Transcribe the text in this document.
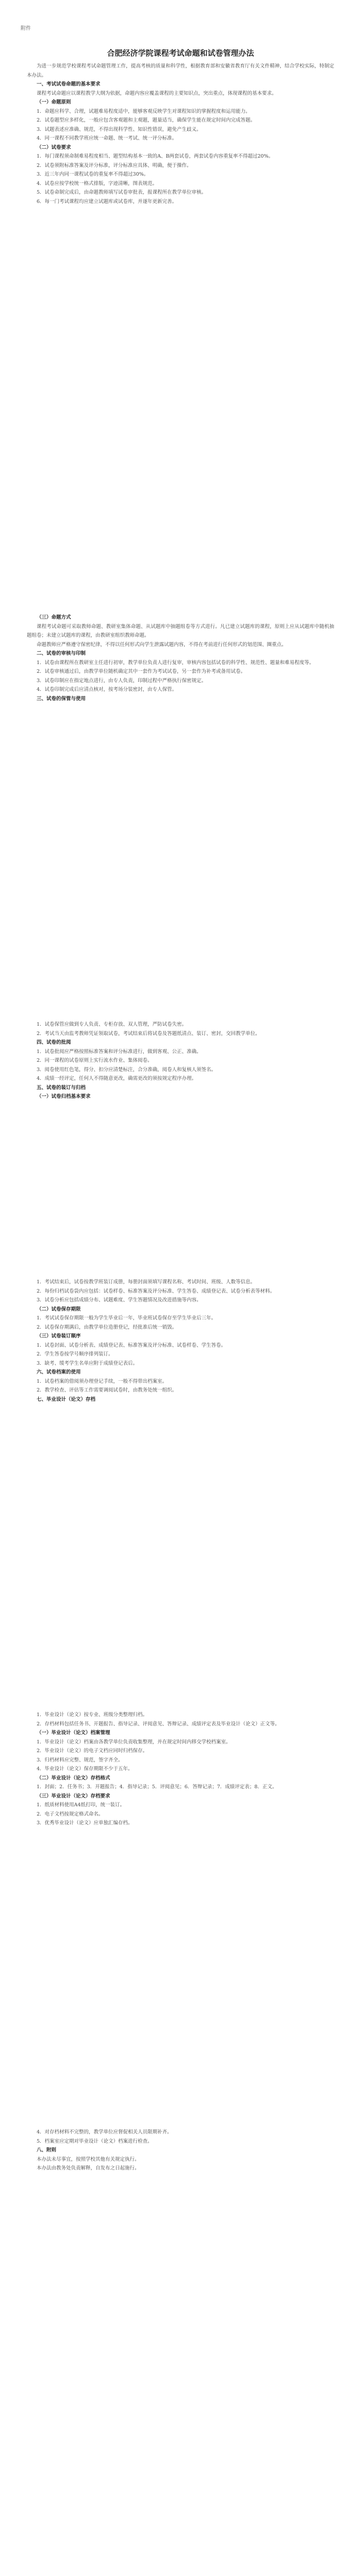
附件
合肥经济学院课程考试命题和试卷管理办法

为进一步规范学校课程考试命题管理工作，提高考核的质量和科学性，根据教育部和安徽省教育厅有关文件精神，结合学校实际，特制定本办法。

一、考试试卷命题的基本要求

课程考试命题应以课程教学大纲为依据，命题内容应覆盖课程的主要知识点，突出重点，体现课程的基本要求。

（一）命题原则

1．命题应科学、合理，试题难易程度适中，能够客观反映学生对课程知识的掌握程度和运用能力。

2．试卷题型应多样化，一般应包含客观题和主观题，题量适当，确保学生能在规定时间内完成答题。

3．试题表述应准确、规范，不得出现科学性、知识性错误，避免产生歧义。

4．同一课程不同教学班应统一命题、统一考试、统一评分标准。

（二）试卷要求

1．每门课程须命制难易程度相当、题型结构基本一致的A、B两套试卷，两套试卷内容重复率不得超过20%。

2．试卷须附标准答案及评分标准，评分标准应具体、明确，便于操作。

3．近三年内同一课程试卷的重复率不得超过30%。

4．试卷应按学校统一格式排版，字迹清晰，图表规范。

5．试卷命制完成后，由命题教师填写试卷审批表，报课程所在教学单位审核。

6．每一门考试课程均应建立试题库或试卷库，并逐年更新完善。

（三）命题方式

课程考试命题可采取教师命题、教研室集体命题、从试题库中抽题组卷等方式进行。凡已建立试题库的课程，原则上应从试题库中随机抽题组卷；未建立试题库的课程，由教研室组织教师命题。

命题教师应严格遵守保密纪律，不得以任何形式向学生泄露试题内容，不得在考前进行任何形式的划范围、圈重点。

二、试卷的审核与印制

1．试卷由课程所在教研室主任进行初审，教学单位负责人进行复审，审核内容包括试卷的科学性、规范性、题量和难易程度等。

2．试卷审核通过后，由教学单位随机确定其中一套作为考试试卷，另一套作为补考或备用试卷。

3．试卷印制应在指定地点进行，由专人负责，印制过程中严格执行保密规定。

4．试卷印制完成后应清点核对，按考场分装密封，由专人保管。

三、试卷的保管与使用

1．试卷保管应做到专人负责、专柜存放、双人管理，严防试卷失密。

2．考试当天由监考教师凭证领取试卷，考试结束后将试卷及答题纸清点、装订、密封，交回教学单位。

四、试卷的批阅

1．试卷批阅应严格按照标准答案和评分标准进行，做到客观、公正、准确。

2．同一课程的试卷原则上实行流水作业、集体阅卷。

3．阅卷使用红色笔，得分、扣分应清楚标注，合分准确，阅卷人和复核人须签名。

4．成绩一经评定，任何人不得随意更改，确需更改的须按规定程序办理。

五、试卷的装订与归档

（一）试卷归档基本要求

1．考试结束后，试卷按教学班装订成册，每册封面须填写课程名称、考试时间、班级、人数等信息。

2．每份归档试卷袋内应包括：试卷样卷、标准答案及评分标准、学生答卷、成绩登记表、试卷分析表等材料。

3．试卷分析应包括成绩分布、试题难度、学生答题情况及改进措施等内容。

（二）试卷保存期限

1．考试试卷保存期限一般为学生毕业后一年，毕业班试卷保存至学生毕业后三年。

2．试卷保存期满后，由教学单位造册登记，经批准后统一销毁。

（三）试卷装订顺序

1．试卷封面、试卷分析表、成绩登记表、标准答案及评分标准、试卷样卷、学生答卷。

2．学生答卷按学号顺序排列装订。

3．缺考、缓考学生名单应附于成绩登记表后。

六、试卷档案的使用

1．试卷档案的借阅须办理登记手续，一般不得带出档案室。

2．教学检查、评估等工作需要调阅试卷时，由教务处统一组织。

七、毕业设计（论文）存档

1．毕业设计（论文）按专业、班级分类整理归档。

2．存档材料包括任务书、开题报告、指导记录、评阅意见、答辩记录、成绩评定表及毕业设计（论文）正文等。

（一）毕业设计（论文）档案管理

1．毕业设计（论文）档案由各教学单位负责收集整理，并在规定时间内移交学校档案室。

2．毕业设计（论文）的电子文档应同时归档保存。

3．归档材料应完整、规范，签字齐全。

4．毕业设计（论文）保存期限不少于五年。

（二）毕业设计（论文）存档格式

1．封面；2．任务书；3．开题报告；4．指导记录；5．评阅意见；6．答辩记录；7．成绩评定表；8．正文。

（三）毕业设计（论文）存档要求

1．纸质材料使用A4纸打印，统一装订。

2．电子文档按规定格式命名。

3．优秀毕业设计（论文）应单独汇编存档。

4．对存档材料不完整的，教学单位应督促相关人员限期补齐。

5．档案室应定期对毕业设计（论文）档案进行检查。

八、附则

本办法未尽事宜，按照学校其他有关规定执行。

本办法由教务处负责解释，自发布之日起施行。
